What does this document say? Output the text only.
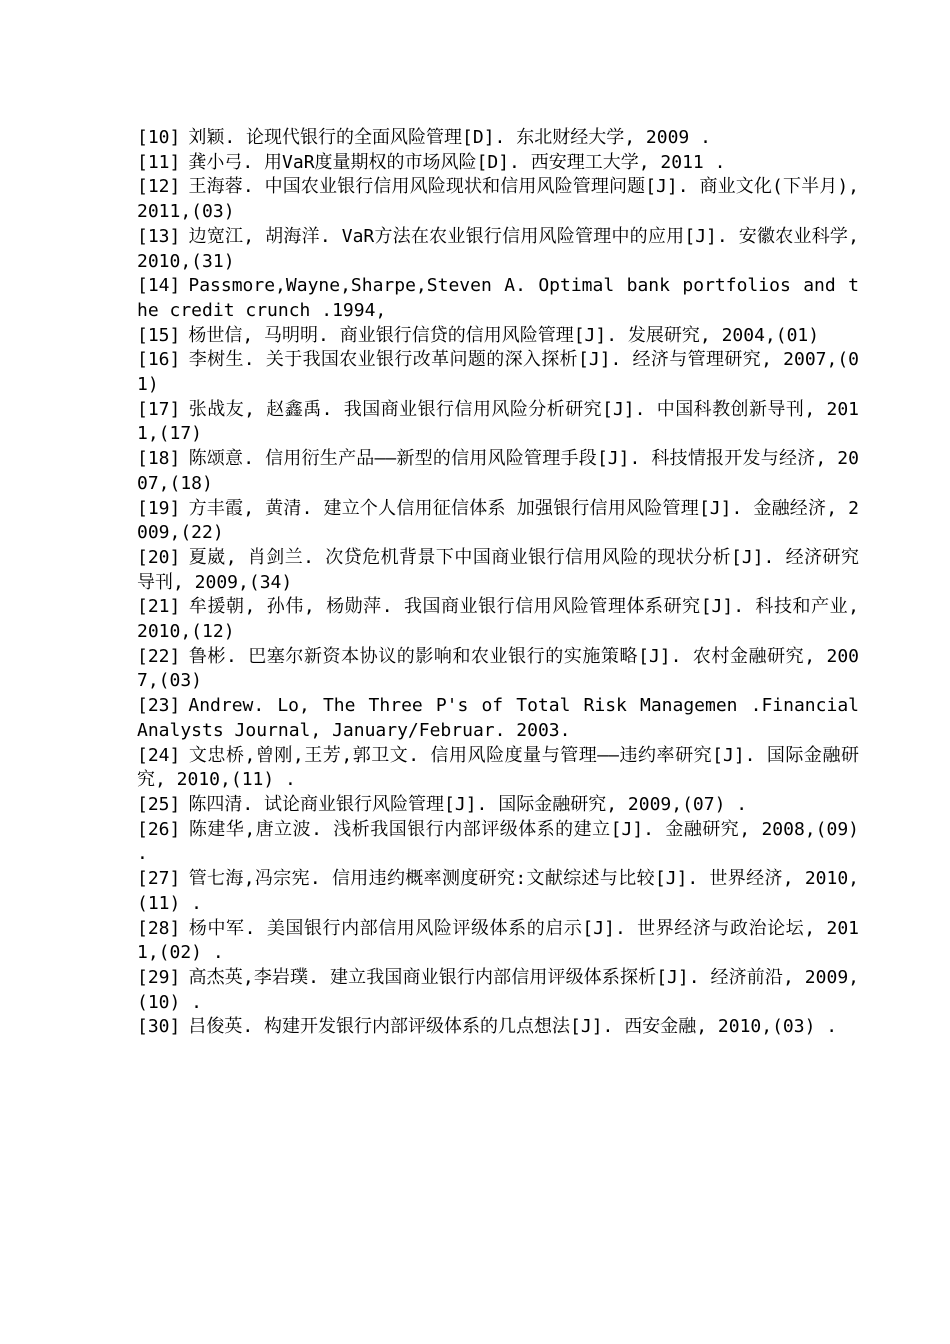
[10] 刘颖. 论现代银行的全面风险管理[D]. 东北财经大学, 2009 .

[11] 龚小弓. 用VaR度量期权的市场风险[D]. 西安理工大学, 2011 .

[12] 王海蓉. 中国农业银行信用风险现状和信用风险管理问题[J]. 商业文化(下半月), 2011,(03)

[13] 边宽江, 胡海洋. VaR方法在农业银行信用风险管理中的应用[J]. 安徽农业科学, 2010,(31)

[14] Passmore,Wayne,Sharpe,Steven A. Optimal bank portfolios and the credit crunch .1994,

[15] 杨世信, 马明明. 商业银行信贷的信用风险管理[J]. 发展研究, 2004,(01)

[16] 李树生. 关于我国农业银行改革问题的深入探析[J]. 经济与管理研究, 2007,(01)

[17] 张战友, 赵鑫禹. 我国商业银行信用风险分析研究[J]. 中国科教创新导刊, 2011,(17)

[18] 陈颂意. 信用衍生产品——新型的信用风险管理手段[J]. 科技情报开发与经济, 2007,(18)

[19] 方丰霞, 黄清. 建立个人信用征信体系 加强银行信用风险管理[J]. 金融经济, 2009,(22)

[20] 夏崴, 肖剑兰. 次贷危机背景下中国商业银行信用风险的现状分析[J]. 经济研究导刊, 2009,(34)

[21] 牟援朝, 孙伟, 杨勋萍. 我国商业银行信用风险管理体系研究[J]. 科技和产业, 2010,(12)

[22] 鲁彬. 巴塞尔新资本协议的影响和农业银行的实施策略[J]. 农村金融研究, 2007,(03)

[23] Andrew. Lo, The Three P's of Total Risk Managemen .Financial Analysts Journal, January/Februar. 2003.

[24] 文忠桥,曾刚,王芳,郭卫文. 信用风险度量与管理——违约率研究[J]. 国际金融研究, 2010,(11) .

[25] 陈四清. 试论商业银行风险管理[J]. 国际金融研究, 2009,(07) .

[26] 陈建华,唐立波. 浅析我国银行内部评级体系的建立[J]. 金融研究, 2008,(09) .

[27] 管七海,冯宗宪. 信用违约概率测度研究:文献综述与比较[J]. 世界经济, 2010,(11) .

[28] 杨中军. 美国银行内部信用风险评级体系的启示[J]. 世界经济与政治论坛, 2011,(02) .

[29] 高杰英,李岩璞. 建立我国商业银行内部信用评级体系探析[J]. 经济前沿, 2009,(10) .

[30] 吕俊英. 构建开发银行内部评级体系的几点想法[J]. 西安金融, 2010,(03) .
